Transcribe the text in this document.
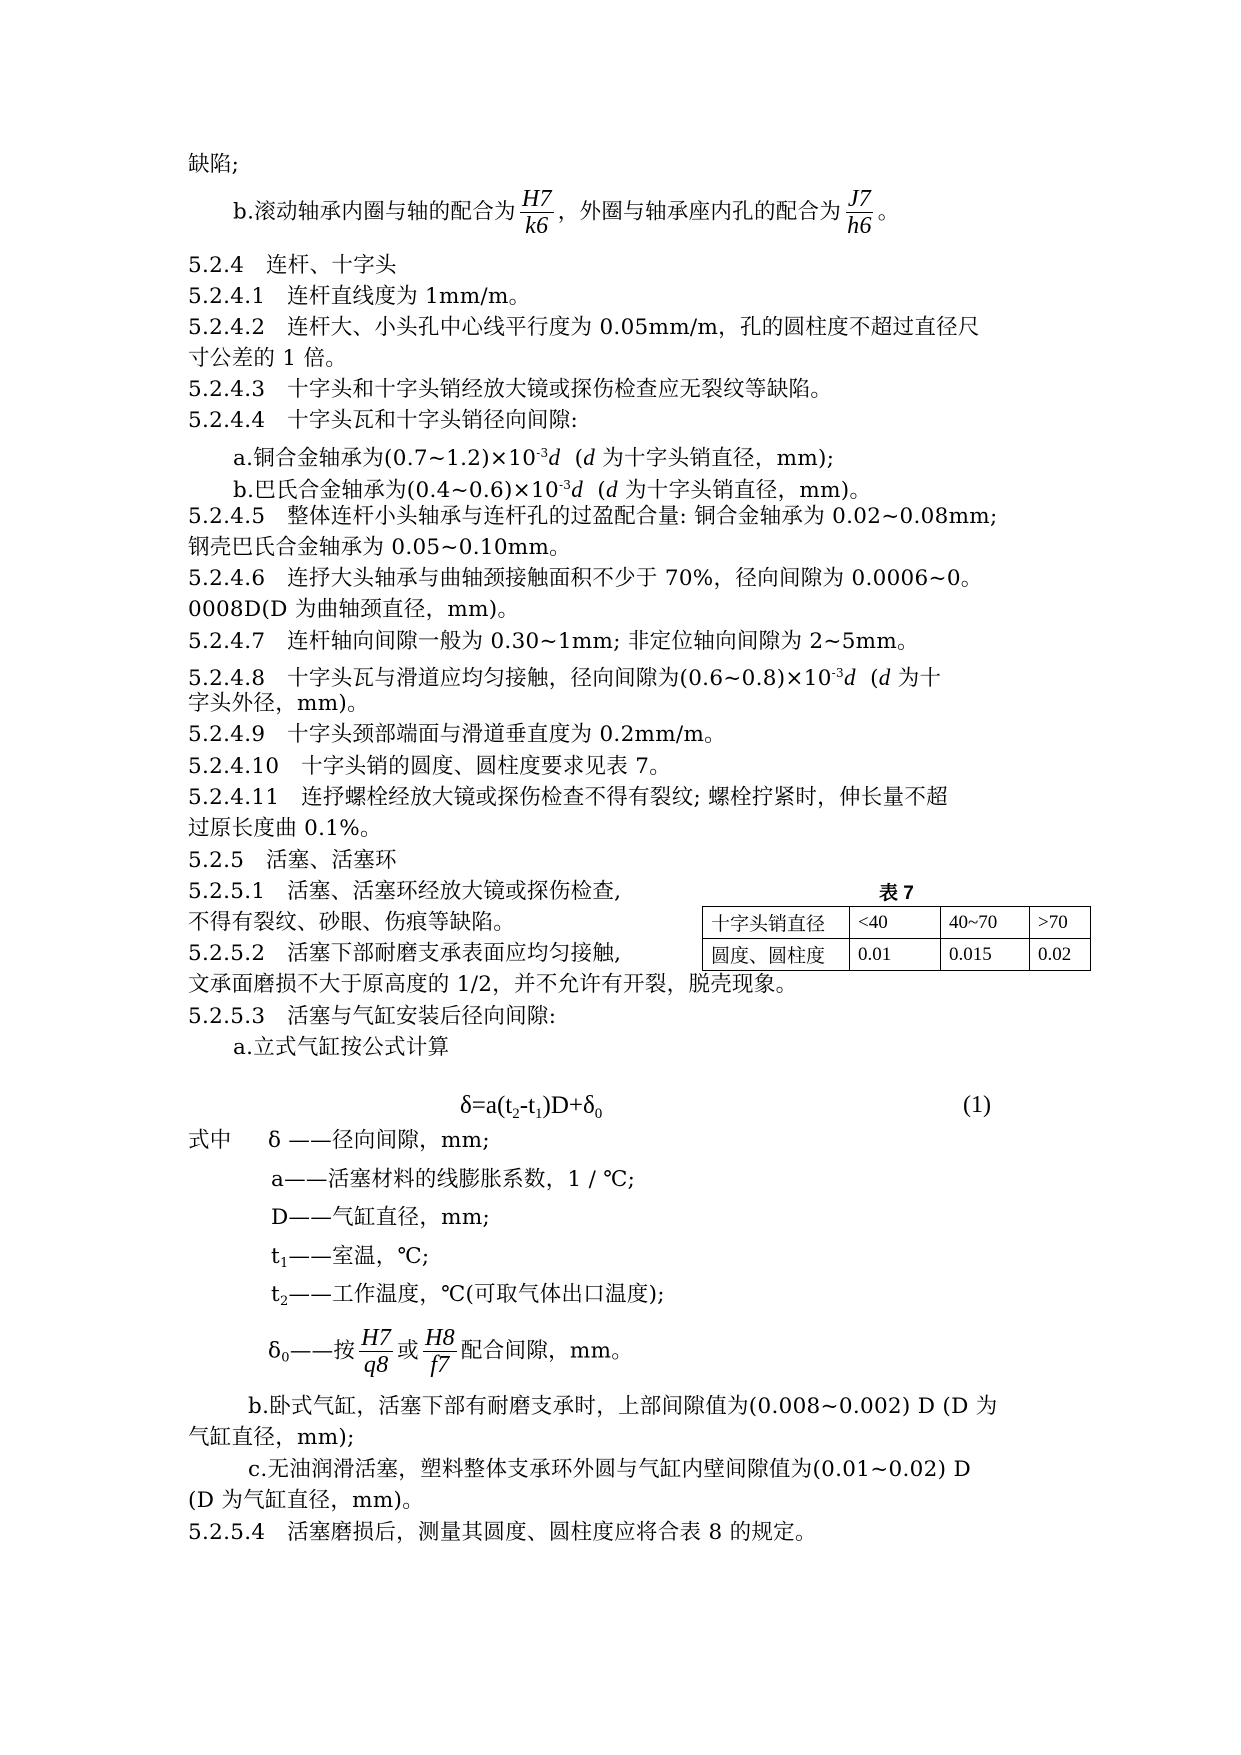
缺陷;
b.滚动轴承内圈与轴的配合为 $\frac{H7}{k6}$ ，外圈与轴承座内孔的配合为 $\frac{J7}{h6}$ 。
5.2.4　连杆、十字头
5.2.4.1　连杆直线度为 1mm/m。
5.2.4.2　连杆大、小头孔中心线平行度为 0.05mm/m，孔的圆柱度不超过直径尺
寸公差的 1 倍。
5.2.4.3　十字头和十字头销经放大镜或探伤检查应无裂纹等缺陷。
5.2.4.4　十字头瓦和十字头销径向间隙:
a.铜合金轴承为$(0.7\sim 1.2)\times 10^{-3}d$ (d 为十字头销直径，mm);
b.巴氏合金轴承为$(0.4\sim 0.6)\times 10^{-3}d$ (d 为十字头销直径，mm)。
5.2.4.5　整体连杆小头轴承与连杆孔的过盈配合量: 铜合金轴承为 0.02~0.08mm;
钢壳巴氏合金轴承为 0.05~0.10mm。
5.2.4.6　连抒大头轴承与曲轴颈接触面积不少于 70%，径向间隙为 0.0006~0。
0008D(D 为曲轴颈直径，mm)。
5.2.4.7　连杆轴向间隙一般为 0.30~1mm; 非定位轴向间隙为 2~5mm。
5.2.4.8　十字头瓦与滑道应均匀接触，径向间隙为$(0.6\sim 0.8)\times 10^{-3}d$ (d 为十
字头外径，mm)。
5.2.4.9　十字头颈部端面与滑道垂直度为 0.2mm/m。
5.2.4.10　十字头销的圆度、圆柱度要求见表 7。
5.2.4.11　连抒螺栓经放大镜或探伤检查不得有裂纹; 螺栓拧紧时，伸长量不超
过原长度曲 0.1%。
5.2.5　活塞、活塞环
5.2.5.1　活塞、活塞环经放大镜或探伤检查,
不得有裂纹、砂眼、伤痕等缺陷。
5.2.5.2　活塞下部耐磨支承表面应均匀接触,
文承面磨损不大于原高度的 1/2，并不允许有开裂，脱壳现象。
5.2.5.3　活塞与气缸安装后径向间隙:
a.立式气缸按公式计算
$\delta=a(t_2-t_1)D+\delta_0$	(1)
式中 δ ——径向间隙，mm;
a——活塞材料的线膨胀系数，1 / ℃;
D——气缸直径，mm;
$t_1——$室温，℃;
$t_2——$工作温度，℃(可取气体出口温度);
$\delta_0——$按 $\frac{H7}{q8}$ 或 $\frac{H8}{f7}$ 配合间隙，mm。
b.卧式气缸，活塞下部有耐磨支承时，上部间隙值为(0.008~0.002) D (D 为
气缸直径，mm);
c.无油润滑活塞，塑料整体支承环外圆与气缸内壁间隙值为(0.01~0.02) D
(D 为气缸直径，mm)。
5.2.5.4　活塞磨损后，测量其圆度、圆柱度应将合表 8 的规定。
表 7
十字头销直径	<40	40~70	>70
圆度、圆柱度	0.01	0.015	0.02
